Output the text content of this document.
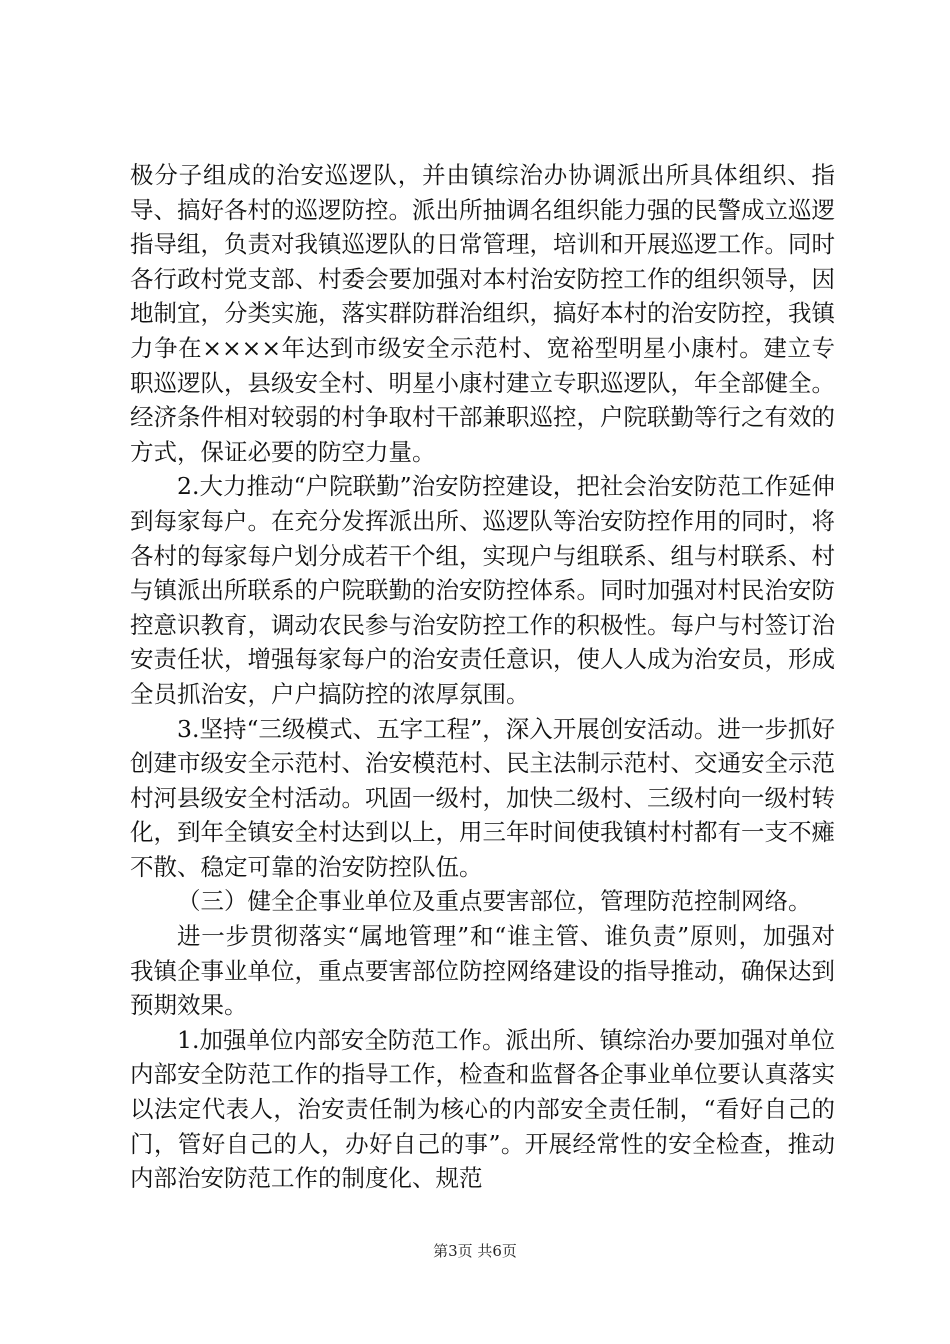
极分子组成的治安巡逻队，并由镇综治办协调派出所具体组织、指导、搞好各村的巡逻防控。派出所抽调名组织能力强的民警成立巡逻指导组，负责对我镇巡逻队的日常管理，培训和开展巡逻工作。同时各行政村党支部、村委会要加强对本村治安防控工作的组织领导，因地制宜，分类实施，落实群防群治组织，搞好本村的治安防控，我镇力争在××××年达到市级安全示范村、宽裕型明星小康村。建立专职巡逻队，县级安全村、明星小康村建立专职巡逻队，年全部健全。经济条件相对较弱的村争取村干部兼职巡控，户院联勤等行之有效的方式，保证必要的防空力量。

2.大力推动“户院联勤”治安防控建设，把社会治安防范工作延伸到每家每户。在充分发挥派出所、巡逻队等治安防控作用的同时，将各村的每家每户划分成若干个组，实现户与组联系、组与村联系、村与镇派出所联系的户院联勤的治安防控体系。同时加强对村民治安防控意识教育，调动农民参与治安防控工作的积极性。每户与村签订治安责任状，增强每家每户的治安责任意识，使人人成为治安员，形成全员抓治安，户户搞防控的浓厚氛围。

3.坚持“三级模式、五字工程”，深入开展创安活动。进一步抓好创建市级安全示范村、治安模范村、民主法制示范村、交通安全示范村河县级安全村活动。巩固一级村，加快二级村、三级村向一级村转化，到年全镇安全村达到以上，用三年时间使我镇村村都有一支不瘫不散、稳定可靠的治安防控队伍。

（三）健全企事业单位及重点要害部位，管理防范控制网络。

进一步贯彻落实“属地管理”和“谁主管、谁负责”原则，加强对我镇企事业单位，重点要害部位防控网络建设的指导推动，确保达到预期效果。

1.加强单位内部安全防范工作。派出所、镇综治办要加强对单位内部安全防范工作的指导工作，检查和监督各企事业单位要认真落实以法定代表人，治安责任制为核心的内部安全责任制，“看好自己的门，管好自己的人，办好自己的事”。开展经常性的安全检查，推动内部治安防范工作的制度化、规范

第3页 共6页
